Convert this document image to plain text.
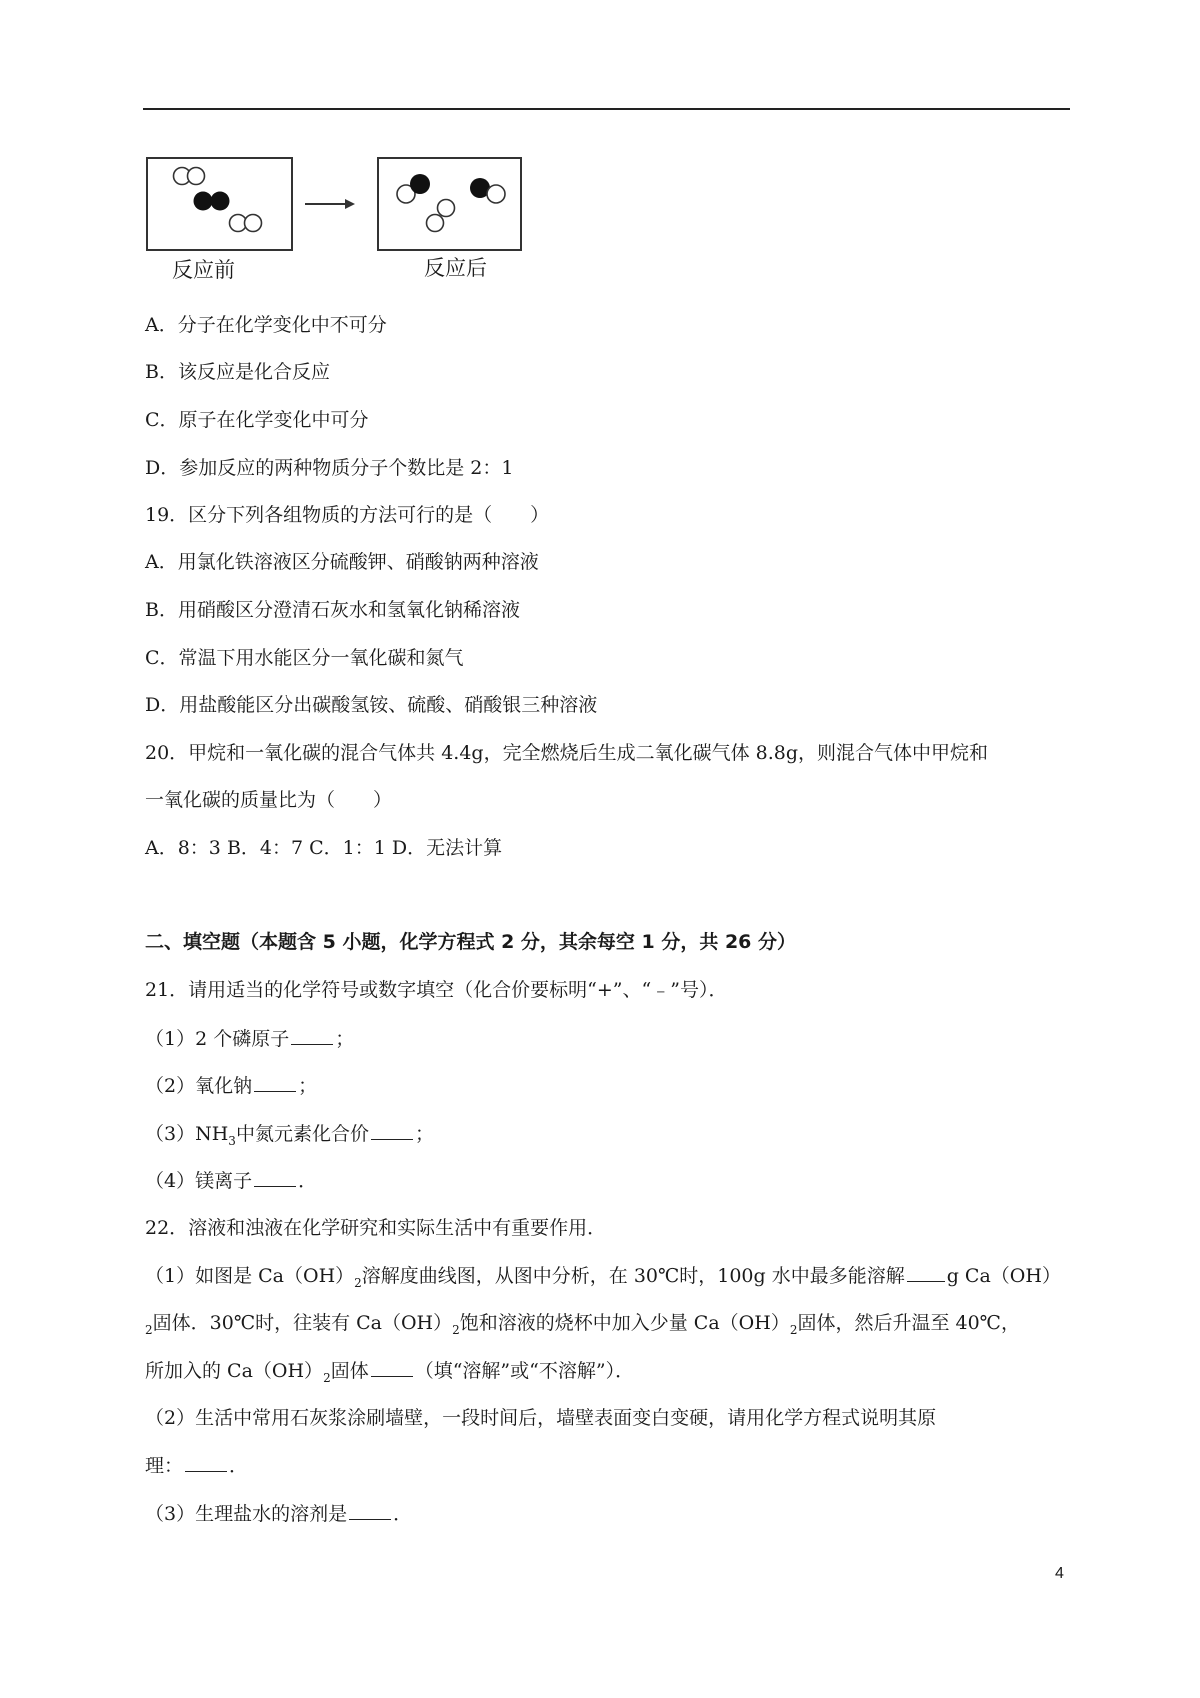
反应前	反应后
A．分子在化学变化中不可分
B．该反应是化合反应
C．原子在化学变化中可分
D．参加反应的两种物质分子个数比是 2：1
19．区分下列各组物质的方法可行的是（　　）
A．用氯化铁溶液区分硫酸钾、硝酸钠两种溶液
B．用硝酸区分澄清石灰水和氢氧化钠稀溶液
C．常温下用水能区分一氧化碳和氮气
D．用盐酸能区分出碳酸氢铵、硫酸、硝酸银三种溶液
20．甲烷和一氧化碳的混合气体共 4.4g，完全燃烧后生成二氧化碳气体 8.8g，则混合气体中甲烷和
一氧化碳的质量比为（　　）
A．8：3 B．4：7 C．1：1 D．无法计算
二、填空题（本题含 5 小题，化学方程式 2 分，其余每空 1 分，共 26 分）
21．请用适当的化学符号或数字填空（化合价要标明“+”、“﹣”号）．
（1）2 个磷原子 ；
（2）氧化钠 ；
$(3)NH_3$中氮元素化合价 ；
（4）镁离子 ．
22．溶液和浊液在化学研究和实际生活中有重要作用．
（1）如图是 $Ca(OH)_2$溶解度曲线图，从图中分析，在 30℃时，100g 水中最多能溶解 g Ca（OH）
$_2$固体．30℃时，往装有 $Ca(OH)_2$饱和溶液的烧杯中加入少量 $Ca(OH)_2$固体，然后升温至 40℃，
所加入的 $Ca(OH)_2$固体 （填“溶解”或“不溶解”）．
（2）生活中常用石灰浆涂刷墙壁，一段时间后，墙壁表面变白变硬，请用化学方程式说明其原
理： ．
（3）生理盐水的溶剂是 ．
4
